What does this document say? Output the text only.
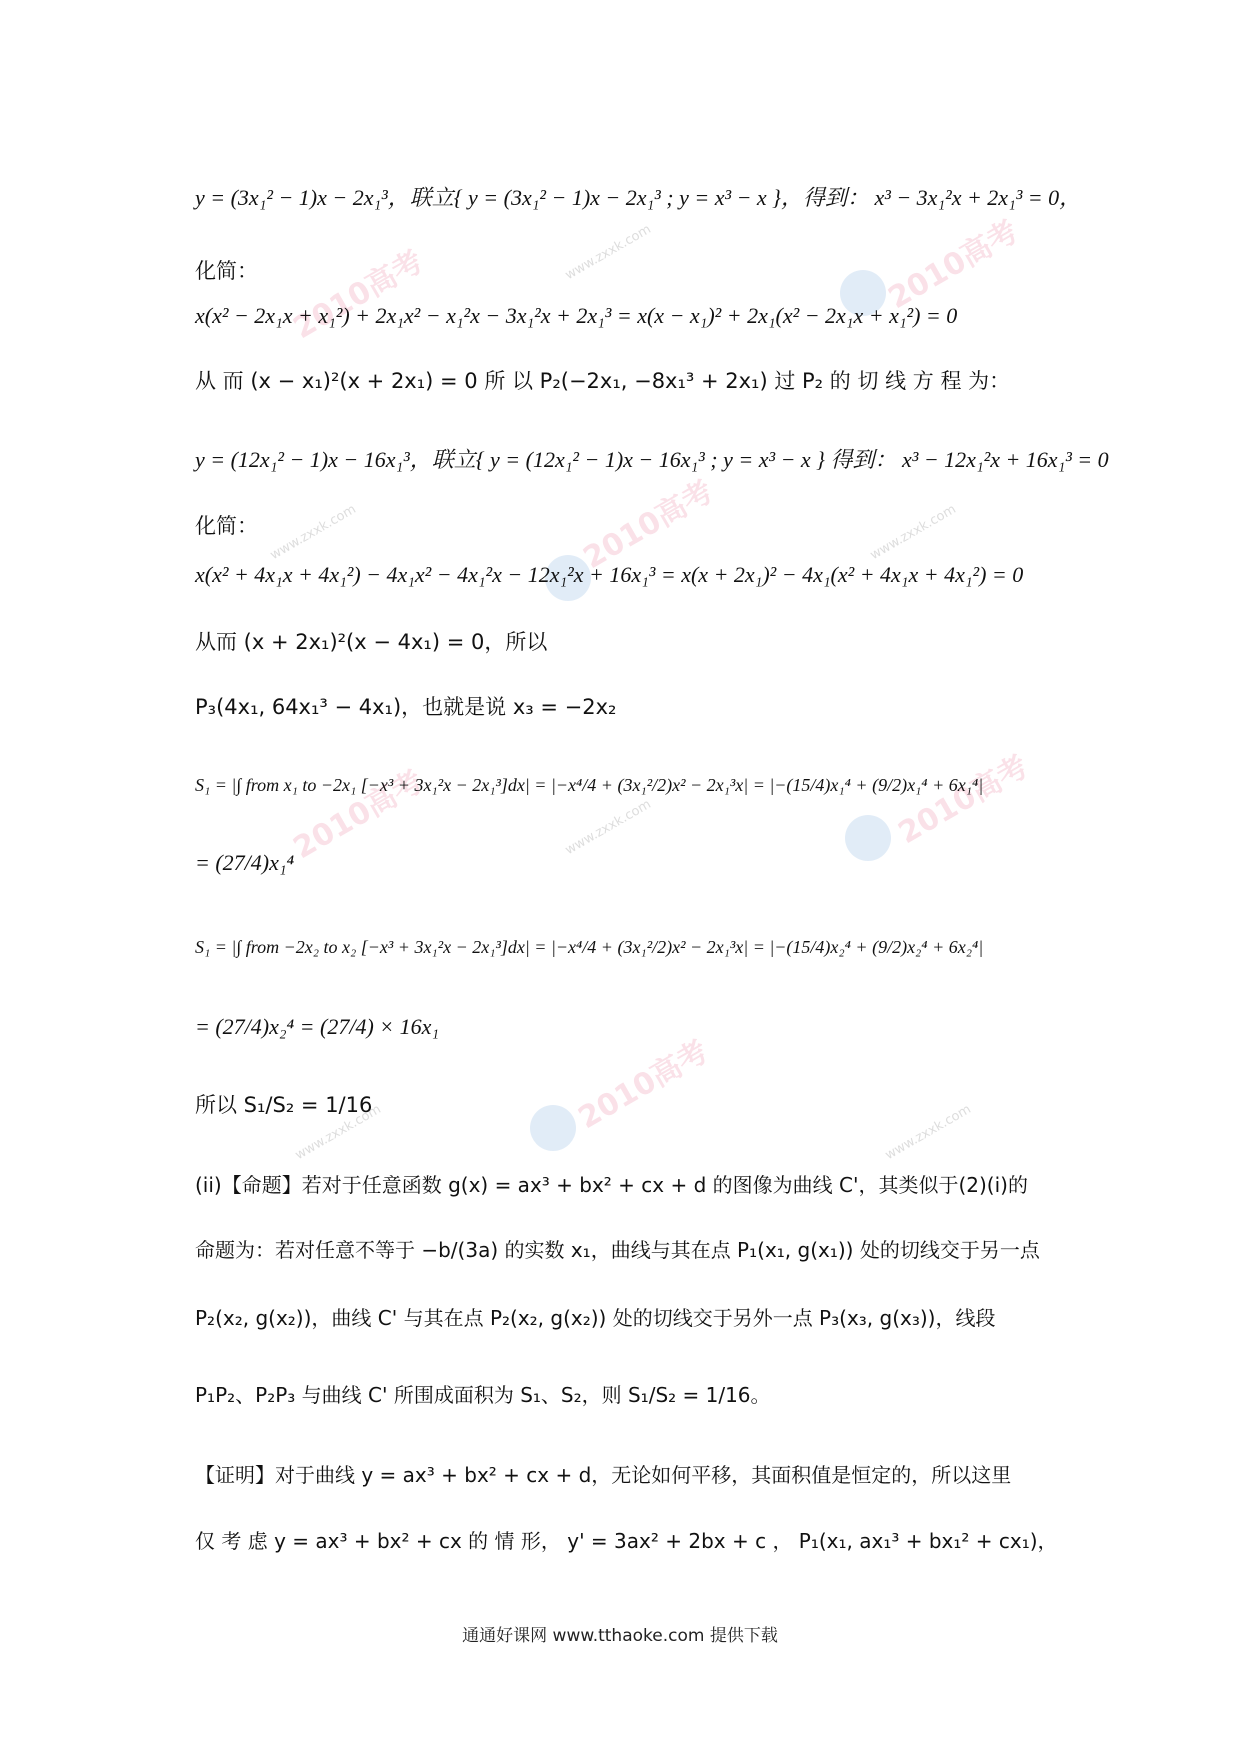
2010高考
2010高考	www.zxxk.com
2010高考
www.zxxk.com	www.zxxk.com
2010高考	2010高考
www.zxxk.com
2010高考
www.zxxk.com	www.zxxk.com
y = (3x₁² − 1)x − 2x₁³，联立{ y = (3x₁² − 1)x − 2x₁³ ; y = x³ − x }，得到： x³ − 3x₁²x + 2x₁³ = 0，
化简：
x(x² − 2x₁x + x₁²) + 2x₁x² − x₁²x − 3x₁²x + 2x₁³ = x(x − x₁)² + 2x₁(x² − 2x₁x + x₁²) = 0
从 而 (x − x₁)²(x + 2x₁) = 0 所 以 P₂(−2x₁, −8x₁³ + 2x₁) 过 P₂ 的 切 线 方 程 为：
y = (12x₁² − 1)x − 16x₁³，联立{ y = (12x₁² − 1)x − 16x₁³ ; y = x³ − x } 得到： x³ − 12x₁²x + 16x₁³ = 0
化简：
x(x² + 4x₁x + 4x₁²) − 4x₁x² − 4x₁²x − 12x₁²x + 16x₁³ = x(x + 2x₁)² − 4x₁(x² + 4x₁x + 4x₁²) = 0
从而 (x + 2x₁)²(x − 4x₁) = 0，所以
P₃(4x₁, 64x₁³ − 4x₁)，也就是说 x₃ = −2x₂
S₁ = |∫ from x₁ to −2x₁ [−x³ + 3x₁²x − 2x₁³]dx| = |−x⁴/4 + (3x₁²/2)x² − 2x₁³x| = |−(15/4)x₁⁴ + (9/2)x₁⁴ + 6x₁⁴|
= (27/4)x₁⁴
S₁ = |∫ from −2x₂ to x₂ [−x³ + 3x₁²x − 2x₁³]dx| = |−x⁴/4 + (3x₁²/2)x² − 2x₁³x| = |−(15/4)x₂⁴ + (9/2)x₂⁴ + 6x₂⁴|
= (27/4)x₂⁴ = (27/4) × 16x₁
所以 S₁/S₂ = 1/16
(ii)【命题】若对于任意函数 g(x) = ax³ + bx² + cx + d 的图像为曲线 C'，其类似于(2)(i)的
命题为：若对任意不等于 −b/(3a) 的实数 x₁，曲线与其在点 P₁(x₁, g(x₁)) 处的切线交于另一点
P₂(x₂, g(x₂))，曲线 C' 与其在点 P₂(x₂, g(x₂)) 处的切线交于另外一点 P₃(x₃, g(x₃))，线段
P₁P₂、P₂P₃ 与曲线 C' 所围成面积为 S₁、S₂，则 S₁/S₂ = 1/16。
【证明】对于曲线 y = ax³ + bx² + cx + d，无论如何平移，其面积值是恒定的，所以这里
仅 考 虑 y = ax³ + bx² + cx 的 情 形， y' = 3ax² + 2bx + c ， P₁(x₁, ax₁³ + bx₁² + cx₁)，
通通好课网 www.tthaoke.com 提供下载
